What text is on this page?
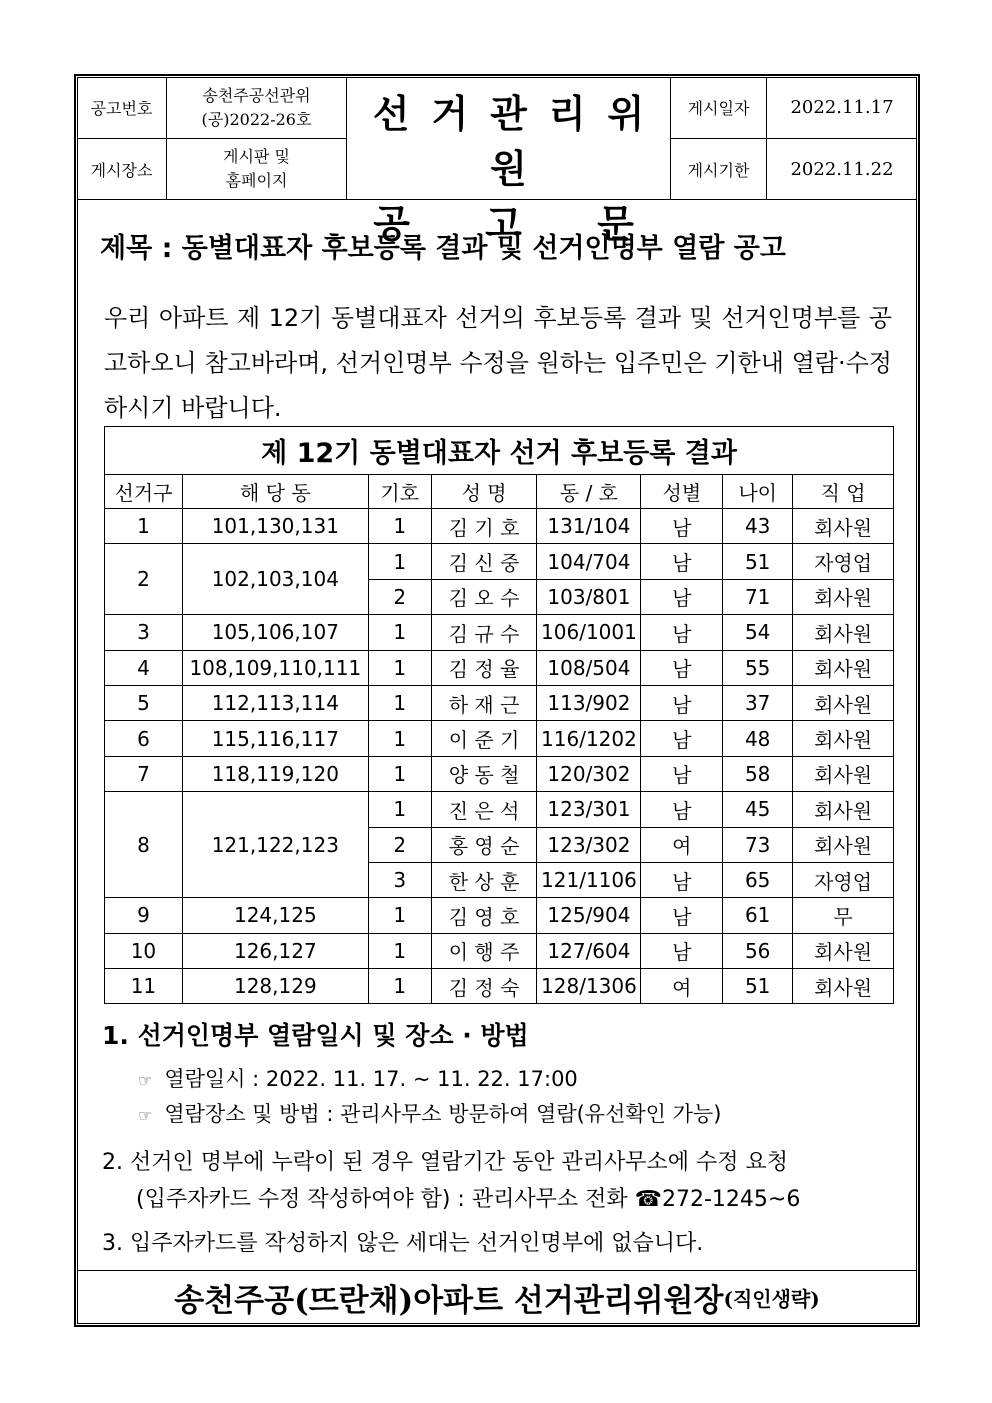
공고번호
송천주공선관위
(공)2022-26호
게시장소
게시판 및
홈페이지
선거관리위원
공 고 문
게시일자	2022.11.17
게시기한	2022.11.22
제목 : 동별대표자 후보등록 결과 및 선거인명부 열람 공고
우리 아파트 제 12기 동별대표자 선거의 후보등록 결과 및 선거인명부를 공고하오니 참고바라며, 선거인명부 수정을 원하는 입주민은 기한내 열람·수정 하시기 바랍니다.
제 12기 동별대표자 선거 후보등록 결과							
선거구	해 당 동	기호	성 명	동 / 호	성별	나이	직 업
1	101,130,131	1	김 기 호	131/104	남	43	회사원
2	102,103,104	1	김 신 중	104/704	남	51	자영업
		2	김 오 수	103/801	남	71	회사원
3	105,106,107	1	김 규 수	106/1001	남	54	회사원
4	108,109,110,111	1	김 정 율	108/504	남	55	회사원
5	112,113,114	1	하 재 근	113/902	남	37	회사원
6	115,116,117	1	이 준 기	116/1202	남	48	회사원
7	118,119,120	1	양 동 철	120/302	남	58	회사원
8	121,122,123	1	진 은 석	123/301	남	45	회사원
		2	홍 영 순	123/302	여	73	회사원
		3	한 상 훈	121/1106	남	65	자영업
9	124,125	1	김 영 호	125/904	남	61	무
10	126,127	1	이 행 주	127/604	남	56	회사원
11	128,129	1	김 정 숙	128/1306	여	51	회사원
1. 선거인명부 열람일시 및 장소 · 방법
☞ 열람일시 : 2022. 11. 17. ~ 11. 22. 17:00
☞ 열람장소 및 방법 : 관리사무소 방문하여 열람(유선확인 가능)
2. 선거인 명부에 누락이 된 경우 열람기간 동안 관리사무소에 수정 요청
(입주자카드 수정 작성하여야 함) : 관리사무소 전화 ☎272-1245~6
3. 입주자카드를 작성하지 않은 세대는 선거인명부에 없습니다.
송천주공(뜨란채)아파트 선거관리위원장 (직인생략)
